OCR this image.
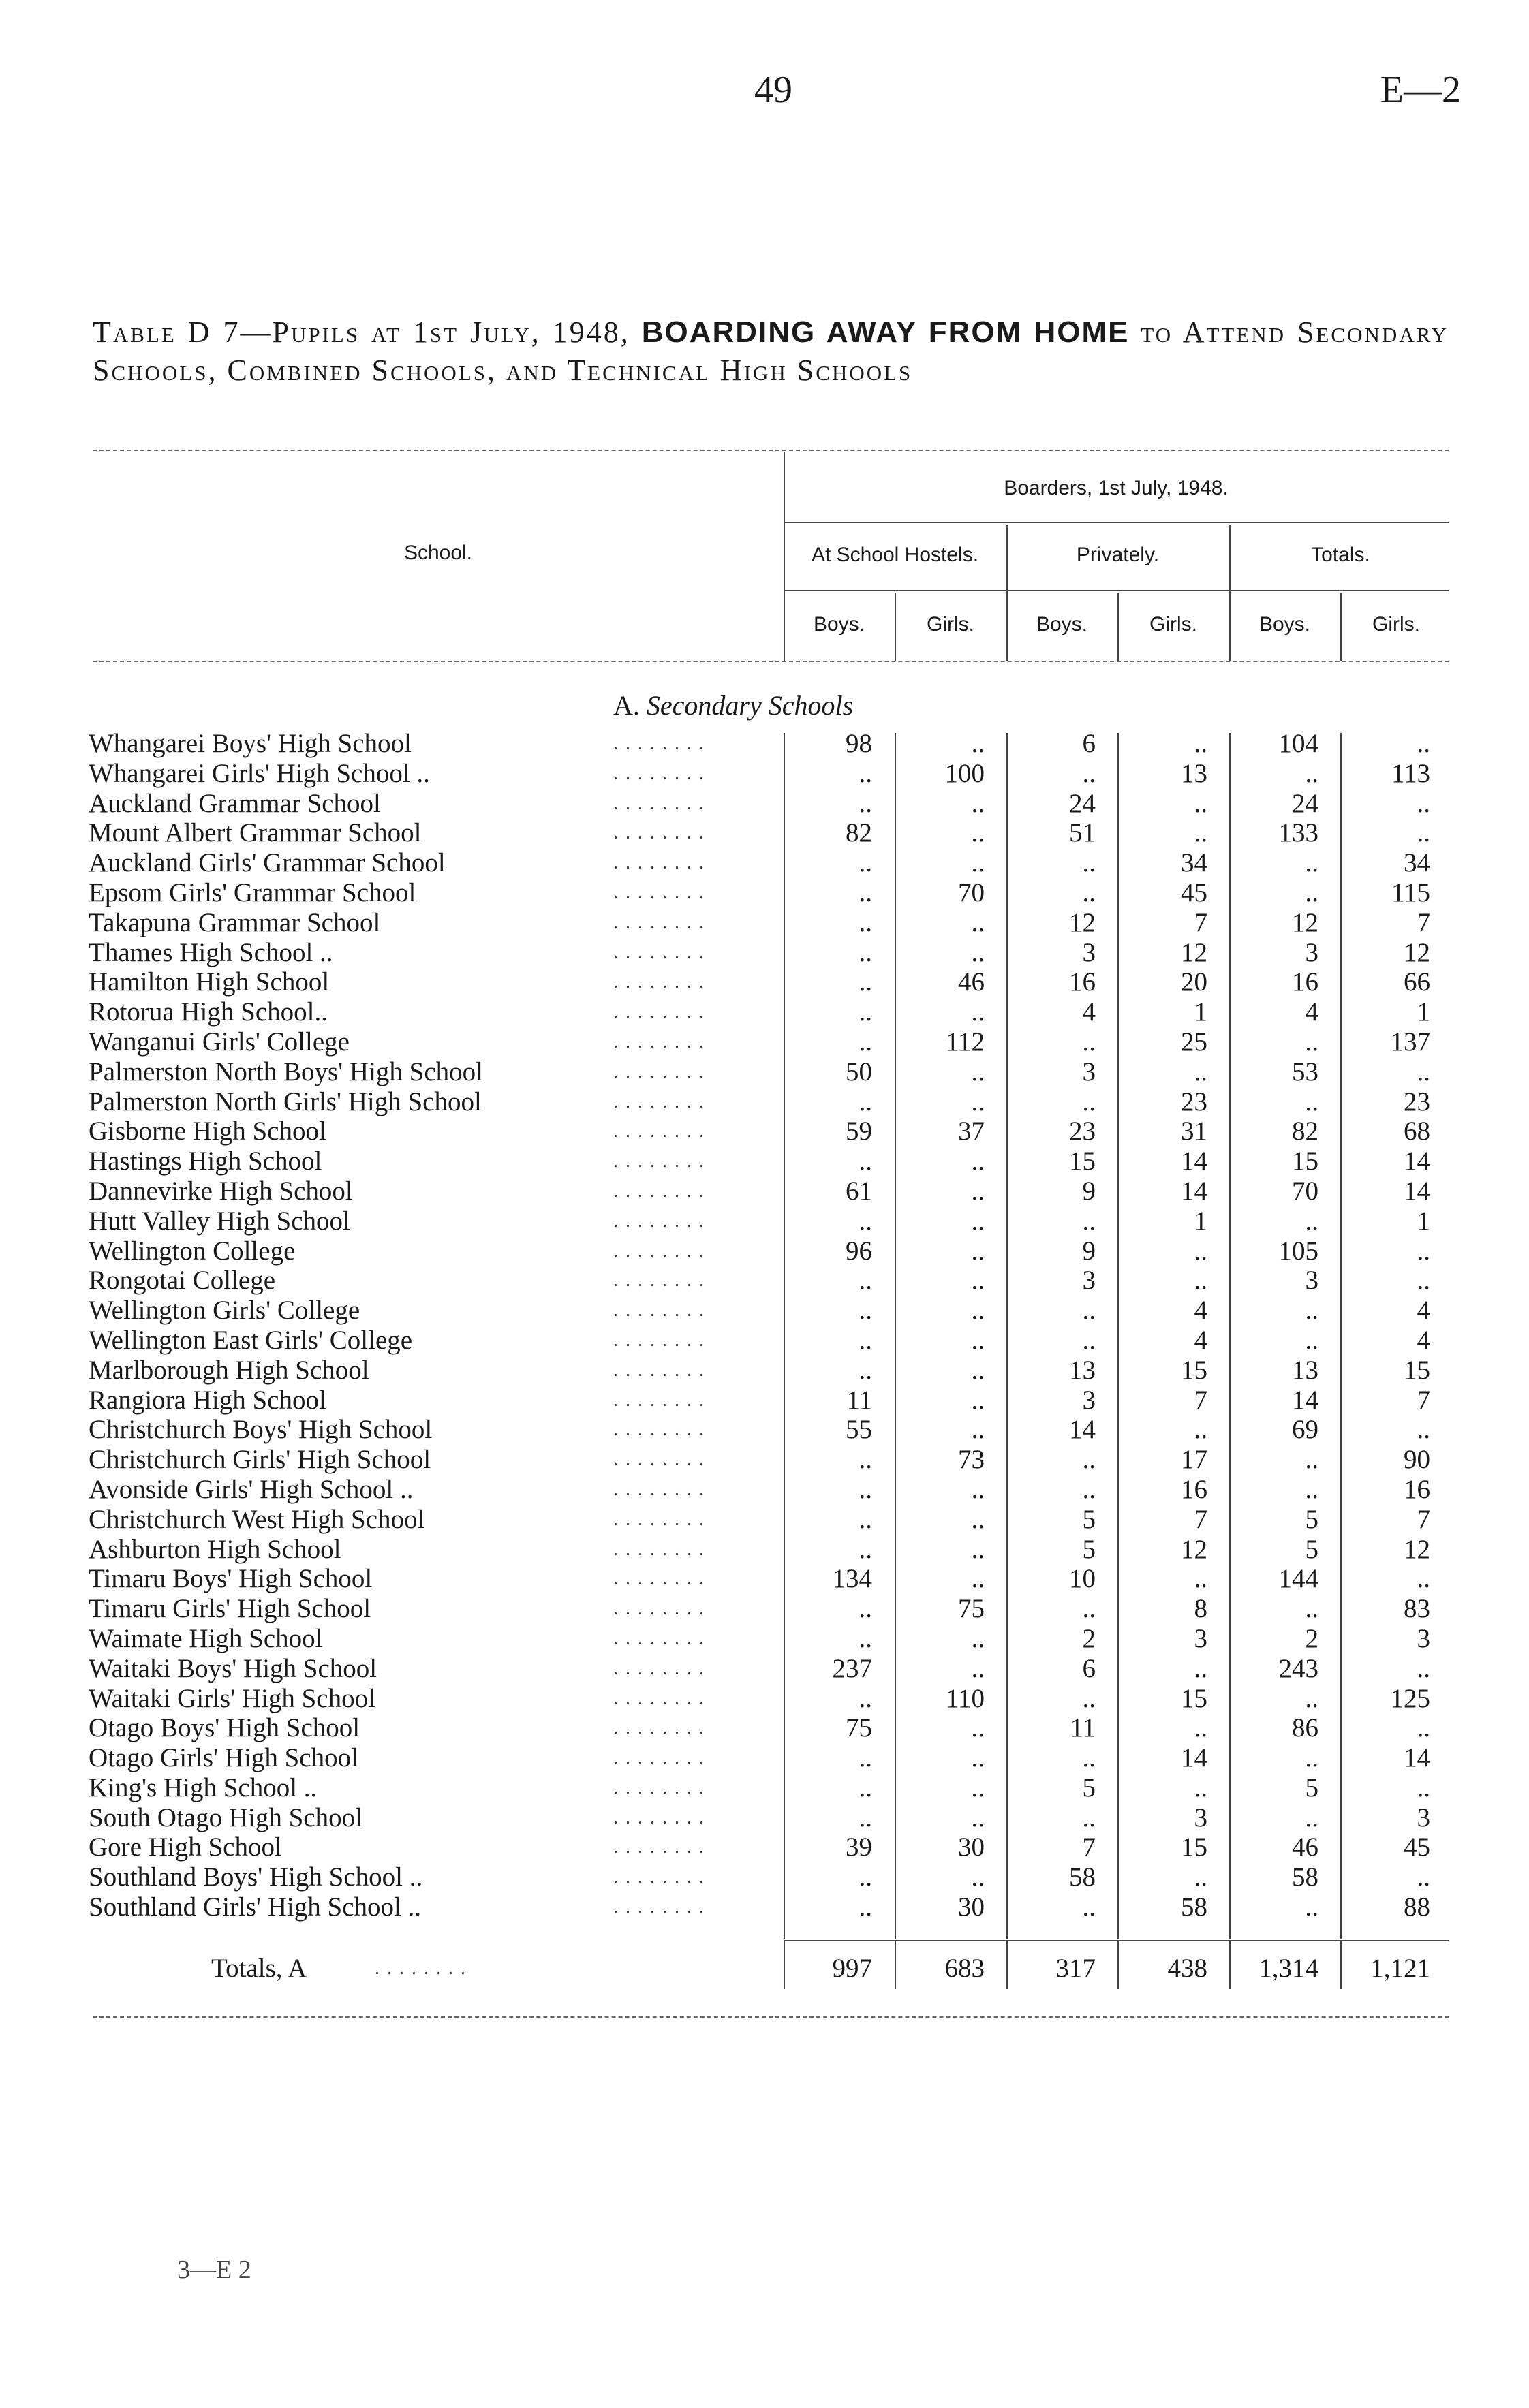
49	E—2
Table D 7—Pupils at 1st July, 1948, BOARDING AWAY FROM HOME to Attend Secondary Schools, Combined Schools, and Technical High Schools
School.
Boarders, 1st July, 1948.
At School Hostels.	Privately.	Totals.
Boys.	Girls.	Boys.	Girls.	Boys.	Girls.
A. Secondary Schools
Whangarei Boys' High School	. . . . . . . .	98	..	6	..	104	..
Whangarei Girls' High School ..	. . . . . . . .	..	100	..	13	..	113
Auckland Grammar School	. . . . . . . .	..	..	24	..	24	..
Mount Albert Grammar School	. . . . . . . .	82	..	51	..	133	..
Auckland Girls' Grammar School	. . . . . . . .	..	..	..	34	..	34
Epsom Girls' Grammar School	. . . . . . . .	..	70	..	45	..	115
Takapuna Grammar School	. . . . . . . .	..	..	12	7	12	7
Thames High School ..	. . . . . . . .	..	..	3	12	3	12
Hamilton High School	. . . . . . . .	..	46	16	20	16	66
Rotorua High School..	. . . . . . . .	..	..	4	1	4	1
Wanganui Girls' College	. . . . . . . .	..	112	..	25	..	137
Palmerston North Boys' High School	. . . . . . . .	50	..	3	..	53	..
Palmerston North Girls' High School	. . . . . . . .	..	..	..	23	..	23
Gisborne High School	. . . . . . . .	59	37	23	31	82	68
Hastings High School	. . . . . . . .	..	..	15	14	15	14
Dannevirke High School	. . . . . . . .	61	..	9	14	70	14
Hutt Valley High School	. . . . . . . .	..	..	..	1	..	1
Wellington College	. . . . . . . .	96	..	9	..	105	..
Rongotai College	. . . . . . . .	..	..	3	..	3	..
Wellington Girls' College	. . . . . . . .	..	..	..	4	..	4
Wellington East Girls' College	. . . . . . . .	..	..	..	4	..	4
Marlborough High School	. . . . . . . .	..	..	13	15	13	15
Rangiora High School	. . . . . . . .	11	..	3	7	14	7
Christchurch Boys' High School	. . . . . . . .	55	..	14	..	69	..
Christchurch Girls' High School	. . . . . . . .	..	73	..	17	..	90
Avonside Girls' High School ..	. . . . . . . .	..	..	..	16	..	16
Christchurch West High School	. . . . . . . .	..	..	5	7	5	7
Ashburton High School	. . . . . . . .	..	..	5	12	5	12
Timaru Boys' High School	. . . . . . . .	134	..	10	..	144	..
Timaru Girls' High School	. . . . . . . .	..	75	..	8	..	83
Waimate High School	. . . . . . . .	..	..	2	3	2	3
Waitaki Boys' High School	. . . . . . . .	237	..	6	..	243	..
Waitaki Girls' High School	. . . . . . . .	..	110	..	15	..	125
Otago Boys' High School	. . . . . . . .	75	..	11	..	86	..
Otago Girls' High School	. . . . . . . .	..	..	..	14	..	14
King's High School ..	. . . . . . . .	..	..	5	..	5	..
South Otago High School	. . . . . . . .	..	..	..	3	..	3
Gore High School	. . . . . . . .	39	30	7	15	46	45
Southland Boys' High School ..	. . . . . . . .	..	..	58	..	58	..
Southland Girls' High School ..	. . . . . . . .	..	30	..	58	..	88
Totals, A	. . . . . . . .	997	683	317	438	1,314	1,121
3—E 2
